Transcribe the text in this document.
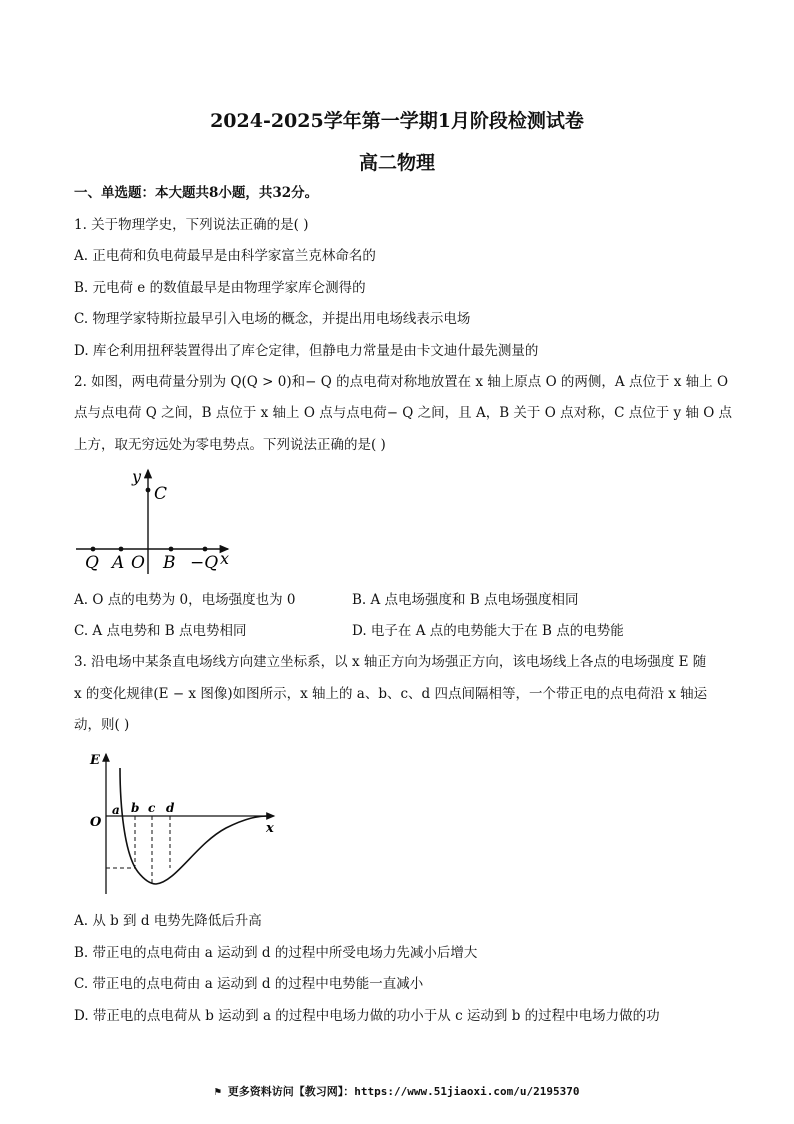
2024-2025学年第一学期1月阶段检测试卷
高二物理
一、单选题：本大题共8小题，共32分。
1. 关于物理学史，下列说法正确的是( )
A. 正电荷和负电荷最早是由科学家富兰克林命名的
B. 元电荷 e 的数值最早是由物理学家库仑测得的
C. 物理学家特斯拉最早引入电场的概念，并提出用电场线表示电场
D. 库仑利用扭秤装置得出了库仑定律，但静电力常量是由卡文迪什最先测量的
2. 如图，两电荷量分别为 Q(Q > 0)和− Q 的点电荷对称地放置在 x 轴上原点 O 的两侧，A 点位于 x 轴上 O
点与点电荷 Q 之间，B 点位于 x 轴上 O 点与点电荷− Q 之间，且 A，B 关于 O 点对称，C 点位于 y 轴 O 点
上方，取无穷远处为零电势点。下列说法正确的是( )
y
C
Q A O B −Q x
A. O 点的电势为 0，电场强度也为 0	B. A 点电场强度和 B 点电场强度相同
C. A 点电势和 B 点电势相同	D. 电子在 A 点的电势能大于在 B 点的电势能
3. 沿电场中某条直电场线方向建立坐标系，以 x 轴正方向为场强正方向，该电场线上各点的电场强度 E 随
x 的变化规律(E − x 图像)如图所示，x 轴上的 a、b、c、d 四点间隔相等，一个带正电的点电荷沿 x 轴运
动，则( )
E
O	x
a b c d
A. 从 b 到 d 电势先降低后升高
B. 带正电的点电荷由 a 运动到 d 的过程中所受电场力先减小后增大
C. 带正电的点电荷由 a 运动到 d 的过程中电势能一直减小
D. 带正电的点电荷从 b 运动到 a 的过程中电场力做的功小于从 c 运动到 b 的过程中电场力做的功
⚑ 更多资料访问【教习网】：https://www.51jiaoxi.com/u/2195370
